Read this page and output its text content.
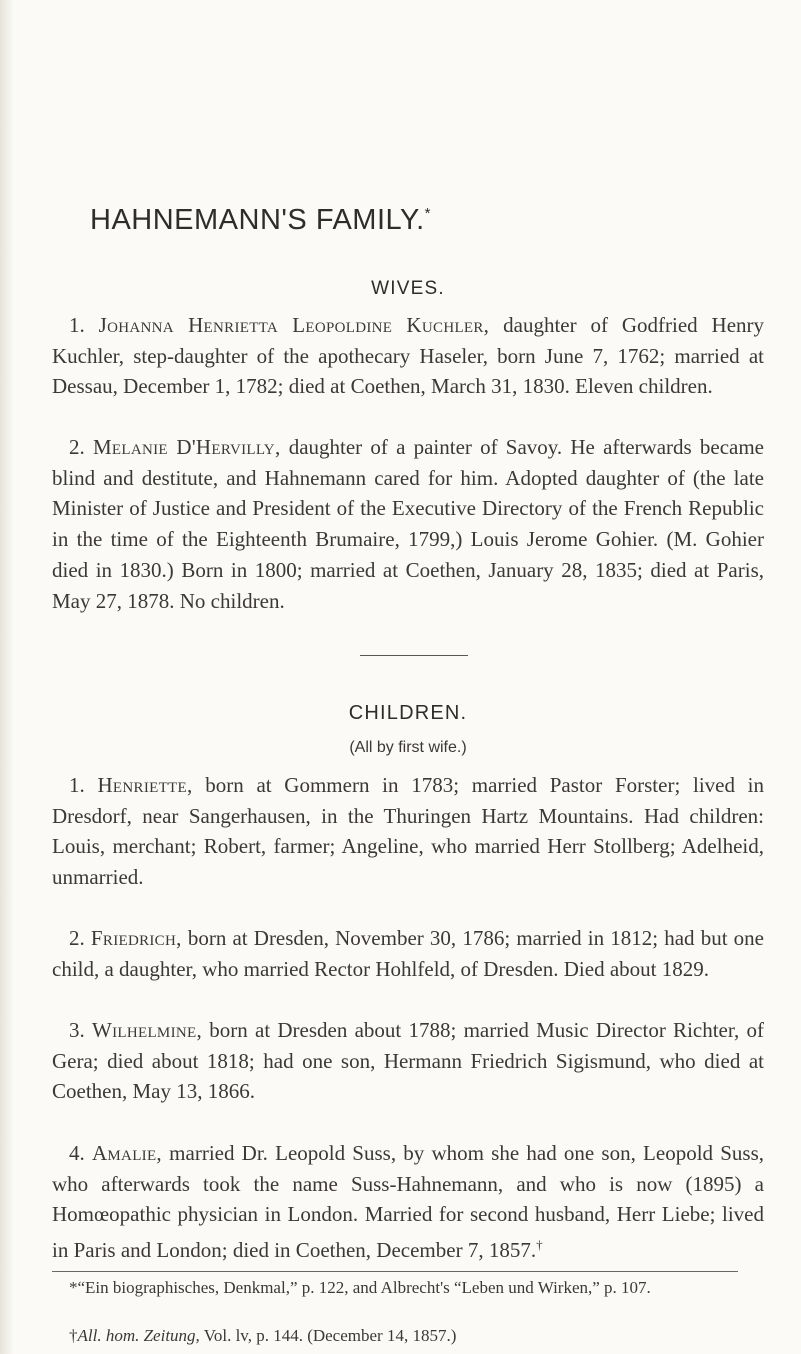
HAHNEMANN'S FAMILY.*
WIVES.
1. Johanna Henrietta Leopoldine Kuchler, daughter of Godfried Henry Kuchler, step-daughter of the apothecary Haseler, born June 7, 1762; married at Dessau, December 1, 1782; died at Coethen, March 31, 1830. Eleven children.
2. Melanie D'Hervilly, daughter of a painter of Savoy. He afterwards became blind and destitute, and Hahnemann cared for him. Adopted daughter of (the late Minister of Justice and President of the Executive Directory of the French Republic in the time of the Eighteenth Brumaire, 1799,) Louis Jerome Gohier. (M. Gohier died in 1830.) Born in 1800; married at Coethen, January 28, 1835; died at Paris, May 27, 1878. No children.
CHILDREN.
(All by first wife.)
1. Henriette, born at Gommern in 1783; married Pastor Forster; lived in Dresdorf, near Sangerhausen, in the Thuringen Hartz Mountains. Had children: Louis, merchant; Robert, farmer; Angeline, who married Herr Stollberg; Adelheid, unmarried.
2. Friedrich, born at Dresden, November 30, 1786; married in 1812; had but one child, a daughter, who married Rector Hohlfeld, of Dresden. Died about 1829.
3. Wilhelmine, born at Dresden about 1788; married Music Director Richter, of Gera; died about 1818; had one son, Hermann Friedrich Sigismund, who died at Coethen, May 13, 1866.
4. Amalie, married Dr. Leopold Suss, by whom she had one son, Leopold Suss, who afterwards took the name Suss-Hahnemann, and who is now (1895) a Homœopathic physician in London. Married for second husband, Herr Liebe; lived in Paris and London; died in Coethen, December 7, 1857.†
*“Ein biographisches, Denkmal,” p. 122, and Albrecht's “Leben und Wirken,” p. 107.
†All. hom. Zeitung, Vol. lv, p. 144. (December 14, 1857.)
